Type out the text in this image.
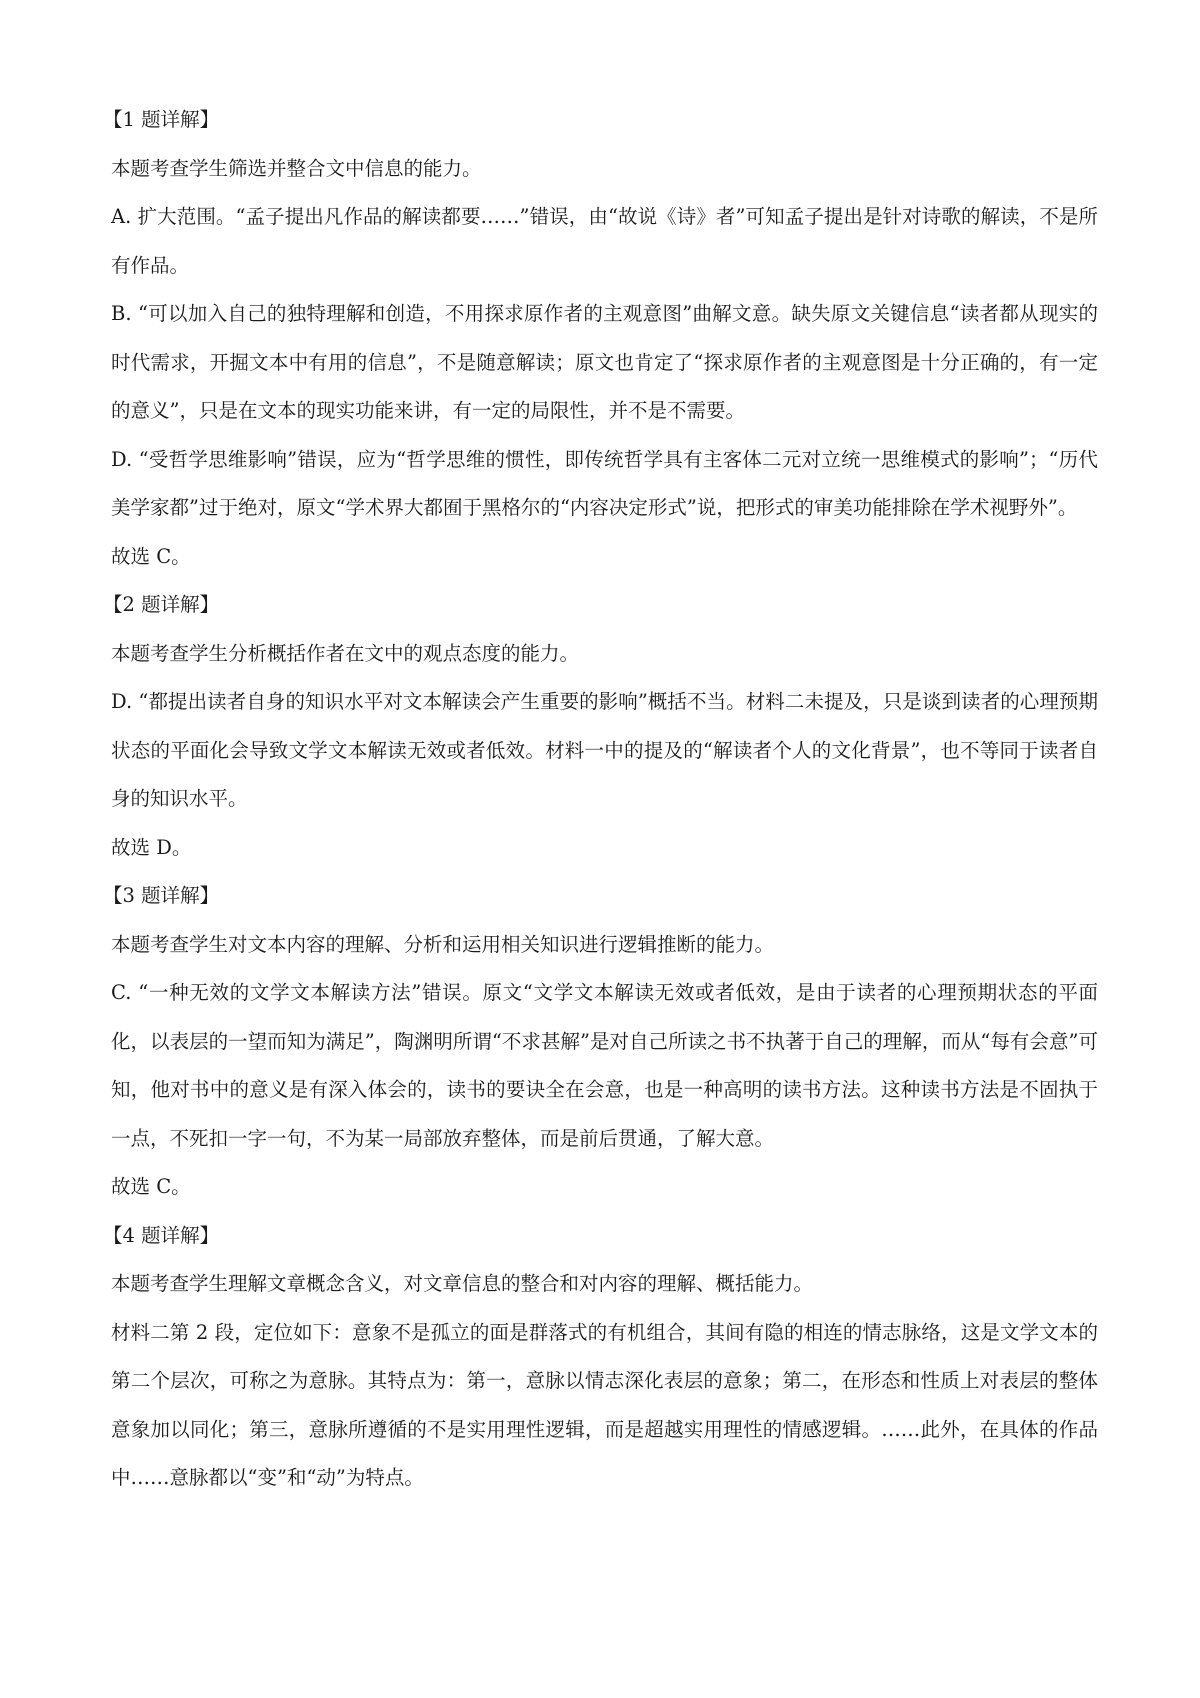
【1 题详解】

本题考查学生筛选并整合文中信息的能力。

A. 扩大范围。“孟子提出凡作品的解读都要……”错误，由“故说《诗》者”可知孟子提出是针对诗歌的解读，不是所有作品。

B. “可以加入自己的独特理解和创造，不用探求原作者的主观意图”曲解文意。缺失原文关键信息“读者都从现实的时代需求，开掘文本中有用的信息”，不是随意解读；原文也肯定了“探求原作者的主观意图是十分正确的，有一定的意义”，只是在文本的现实功能来讲，有一定的局限性，并不是不需要。

D. “受哲学思维影响”错误，应为“哲学思维的惯性，即传统哲学具有主客体二元对立统一思维模式的影响”；“历代美学家都”过于绝对，原文“学术界大都囿于黑格尔的“内容决定形式”说，把形式的审美功能排除在学术视野外”。

故选 C。

【2 题详解】

本题考查学生分析概括作者在文中的观点态度的能力。

D. “都提出读者自身的知识水平对文本解读会产生重要的影响”概括不当。材料二未提及，只是谈到读者的心理预期状态的平面化会导致文学文本解读无效或者低效。材料一中的提及的“解读者个人的文化背景”，也不等同于读者自身的知识水平。

故选 D。

【3 题详解】

本题考查学生对文本内容的理解、分析和运用相关知识进行逻辑推断的能力。

C. “一种无效的文学文本解读方法”错误。原文“文学文本解读无效或者低效，是由于读者的心理预期状态的平面化，以表层的一望而知为满足”，陶渊明所谓“不求甚解”是对自己所读之书不执著于自己的理解，而从“每有会意”可知，他对书中的意义是有深入体会的，读书的要诀全在会意，也是一种高明的读书方法。这种读书方法是不固执于一点，不死扣一字一句，不为某一局部放弃整体，而是前后贯通，了解大意。

故选 C。

【4 题详解】

本题考查学生理解文章概念含义，对文章信息的整合和对内容的理解、概括能力。

材料二第 2 段，定位如下：意象不是孤立的面是群落式的有机组合，其间有隐的相连的情志脉络，这是文学文本的第二个层次，可称之为意脉。其特点为：第一，意脉以情志深化表层的意象；第二，在形态和性质上对表层的整体意象加以同化；第三，意脉所遵循的不是实用理性逻辑，而是超越实用理性的情感逻辑。……此外，在具体的作品中……意脉都以“变”和“动”为特点。
